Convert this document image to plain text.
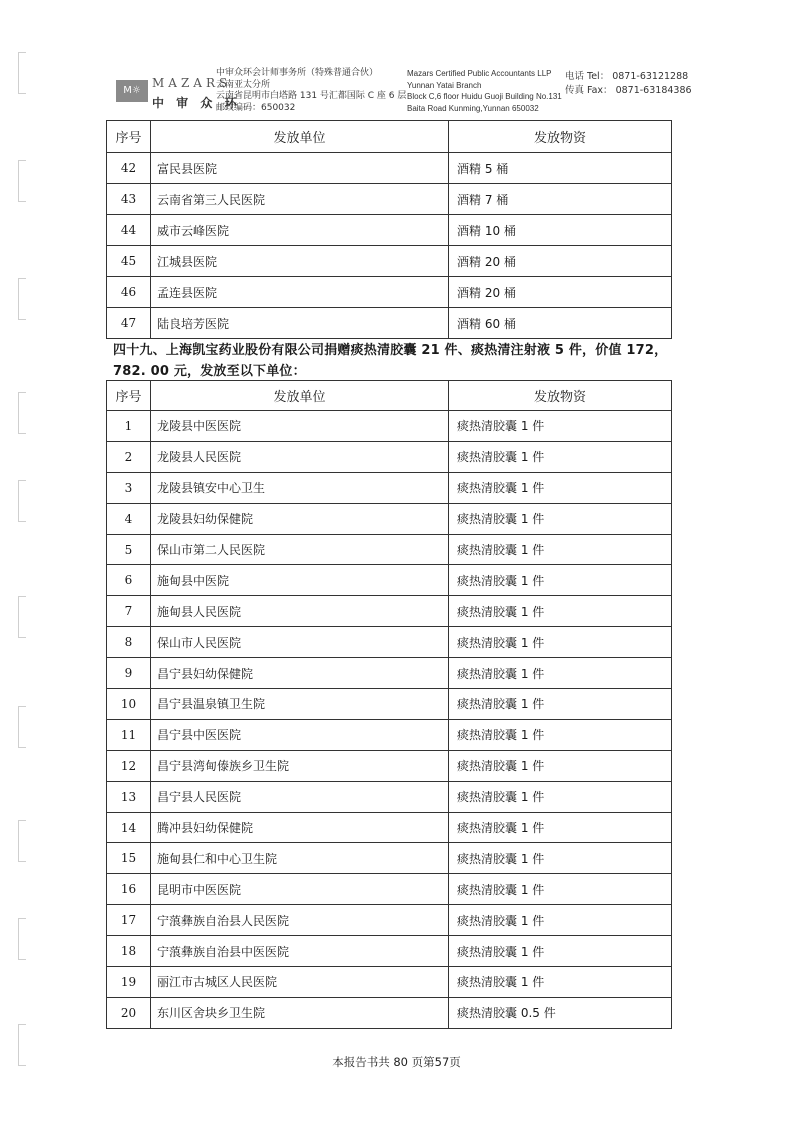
M☼
MAZARS
中 审 众 环
中审众环会计师事务所（特殊普通合伙）
云南亚太分所
云南省昆明市白塔路 131 号汇都国际 C 座 6 层
邮政编码：650032
Mazars Certified Public Accountants LLP
Yunnan Yatai Branch
Block C,6 floor Huidu Guoji Building No.131
Baita Road Kunming,Yunnan 650032
电话 Tel： 0871-63121288
传真 Fax： 0871-63184386
序号	发放单位	发放物资
42	富民县医院	酒精 5 桶
43	云南省第三人民医院	酒精 7 桶
44	威市云峰医院	酒精 10 桶
45	江城县医院	酒精 20 桶
46	孟连县医院	酒精 20 桶
47	陆良培芳医院	酒精 60 桶
四十九、上海凯宝药业股份有限公司捐赠痰热清胶囊 21 件、痰热清注射液 5 件，价值 172，782. 00 元，发放至以下单位：
序号	发放单位	发放物资
1	龙陵县中医医院	痰热清胶囊 1 件
2	龙陵县人民医院	痰热清胶囊 1 件
3	龙陵县镇安中心卫生	痰热清胶囊 1 件
4	龙陵县妇幼保健院	痰热清胶囊 1 件
5	保山市第二人民医院	痰热清胶囊 1 件
6	施甸县中医院	痰热清胶囊 1 件
7	施甸县人民医院	痰热清胶囊 1 件
8	保山市人民医院	痰热清胶囊 1 件
9	昌宁县妇幼保健院	痰热清胶囊 1 件
10	昌宁县温泉镇卫生院	痰热清胶囊 1 件
11	昌宁县中医医院	痰热清胶囊 1 件
12	昌宁县湾甸傣族乡卫生院	痰热清胶囊 1 件
13	昌宁县人民医院	痰热清胶囊 1 件
14	腾冲县妇幼保健院	痰热清胶囊 1 件
15	施甸县仁和中心卫生院	痰热清胶囊 1 件
16	昆明市中医医院	痰热清胶囊 1 件
17	宁蒗彝族自治县人民医院	痰热清胶囊 1 件
18	宁蒗彝族自治县中医医院	痰热清胶囊 1 件
19	丽江市古城区人民医院	痰热清胶囊 1 件
20	东川区舍块乡卫生院	痰热清胶囊 0.5 件
本报告书共 80 页第57页
